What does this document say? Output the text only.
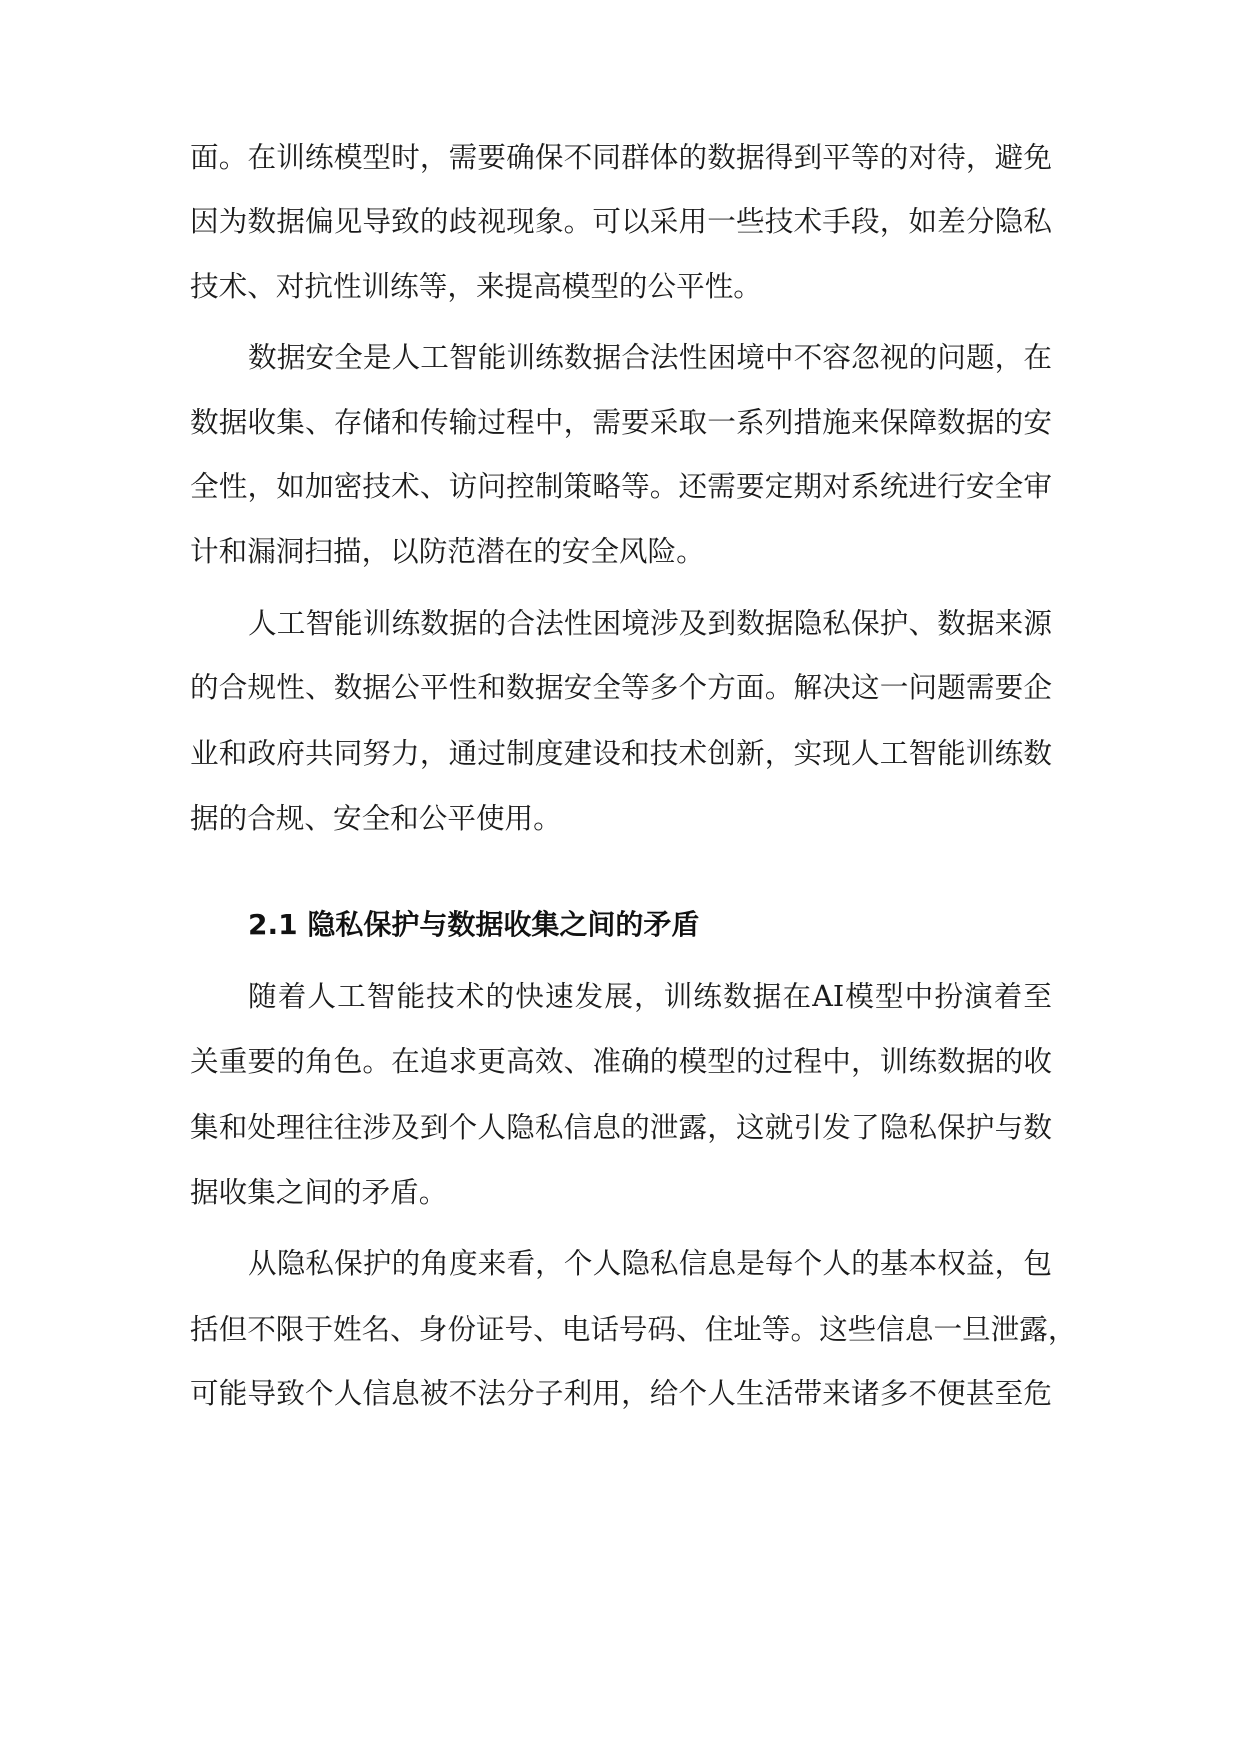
面。在训练模型时，需要确保不同群体的数据得到平等的对待，避免
因为数据偏见导致的歧视现象。可以采用一些技术手段，如差分隐私
技术、对抗性训练等，来提高模型的公平性。
数据安全是人工智能训练数据合法性困境中不容忽视的问题，在
数据收集、存储和传输过程中，需要采取一系列措施来保障数据的安
全性，如加密技术、访问控制策略等。还需要定期对系统进行安全审
计和漏洞扫描，以防范潜在的安全风险。
人工智能训练数据的合法性困境涉及到数据隐私保护、数据来源
的合规性、数据公平性和数据安全等多个方面。解决这一问题需要企
业和政府共同努力，通过制度建设和技术创新，实现人工智能训练数
据的合规、安全和公平使用。
2.1 隐私保护与数据收集之间的矛盾
随着人工智能技术的快速发展，训练数据在AI模型中扮演着至
关重要的角色。在追求更高效、准确的模型的过程中，训练数据的收
集和处理往往涉及到个人隐私信息的泄露，这就引发了隐私保护与数
据收集之间的矛盾。
从隐私保护的角度来看，个人隐私信息是每个人的基本权益，包
括但不限于姓名、身份证号、电话号码、住址等。这些信息一旦泄露，
可能导致个人信息被不法分子利用，给个人生活带来诸多不便甚至危
